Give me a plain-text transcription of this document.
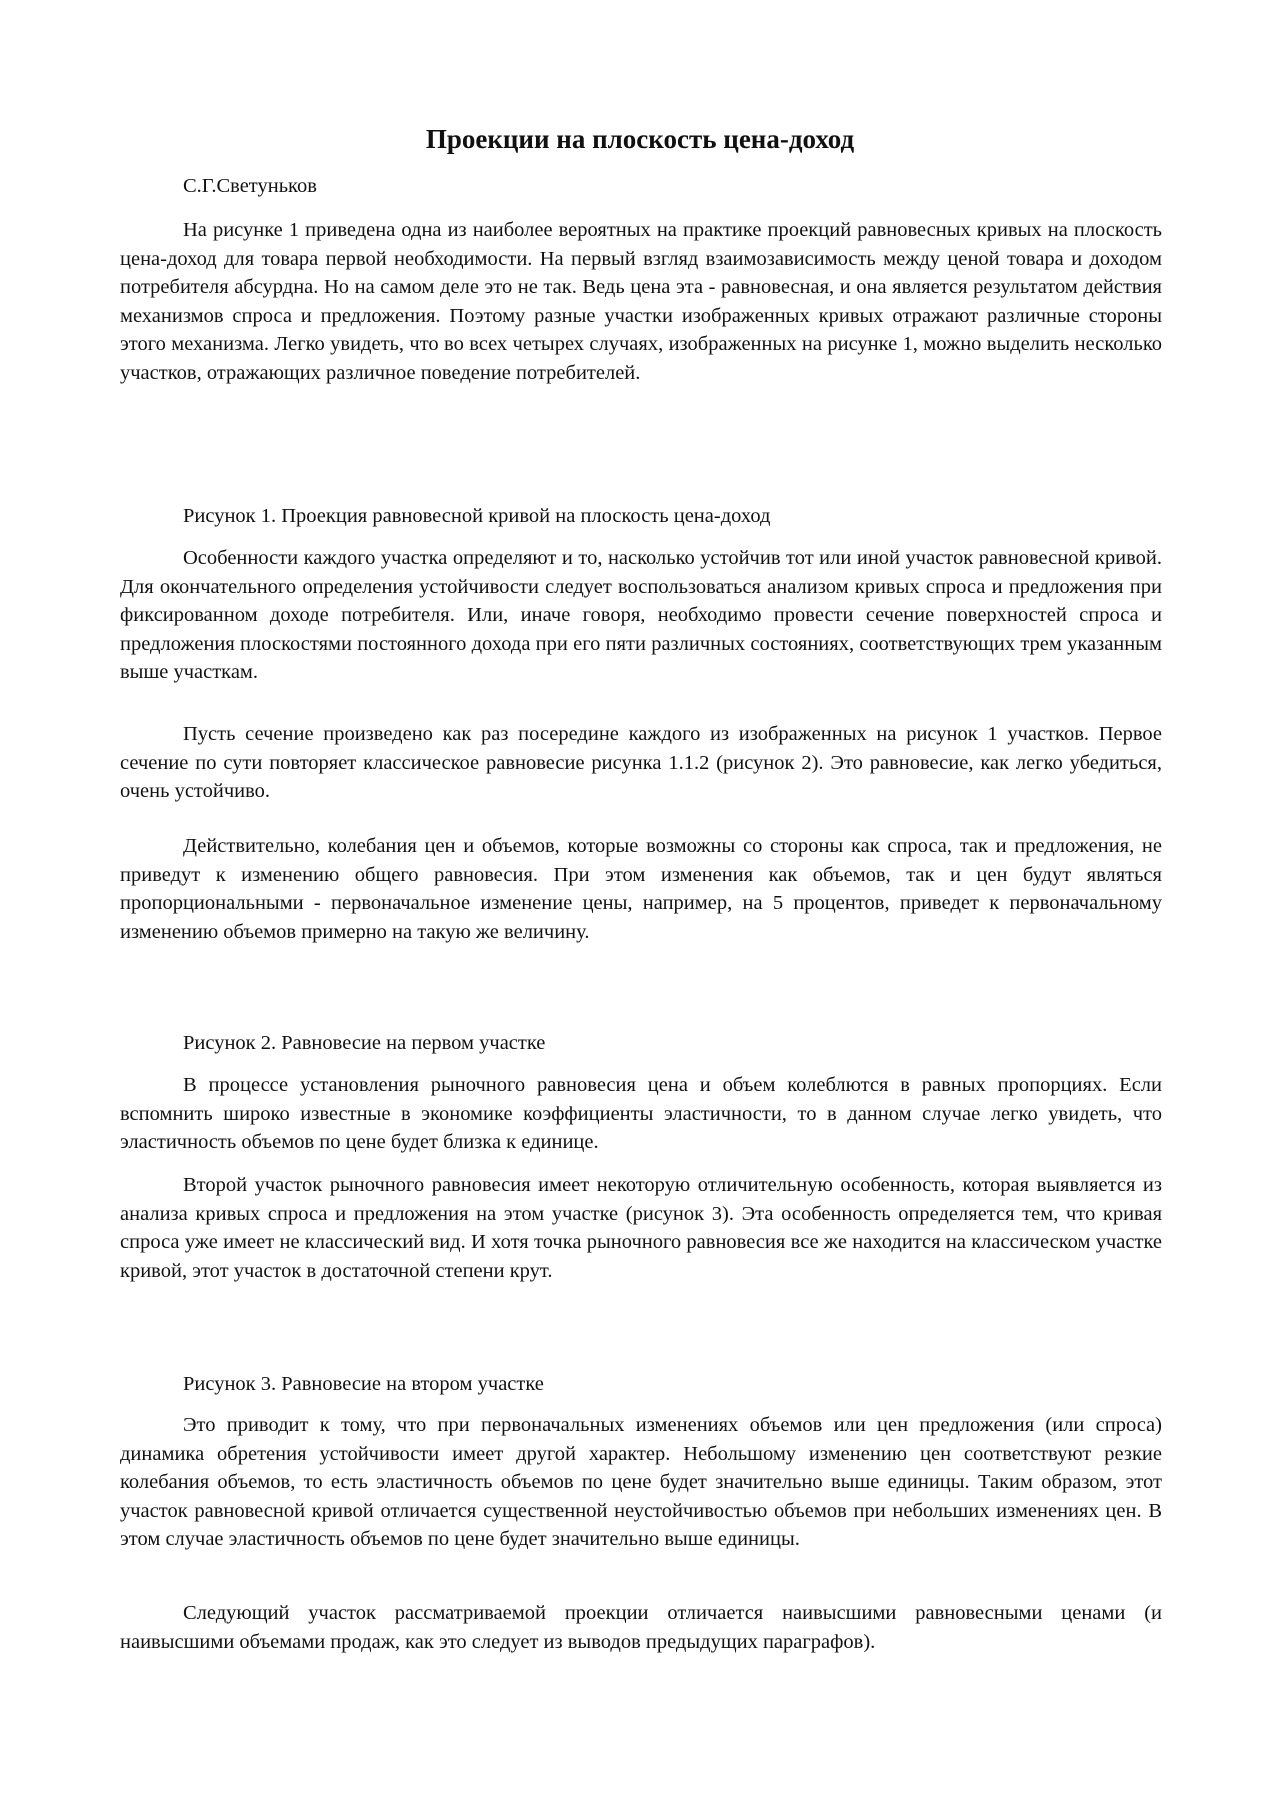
Проекции на плоскость цена-доход

С.Г.Светуньков

На рисунке 1 приведена одна из наиболее вероятных на практике проекций равновесных кривых на плоскость цена-доход для товара первой необходимости. На первый взгляд взаимозависимость между ценой товара и доходом потребителя абсурдна. Но на самом деле это не так. Ведь цена эта - равновесная, и она является результатом действия механизмов спроса и предложения. Поэтому разные участки изображенных кривых отражают различные стороны этого механизма. Легко увидеть, что во всех четырех случаях, изображенных на рисунке 1, можно выделить несколько участков, отражающих различное поведение потребителей.

Рисунок 1. Проекция равновесной кривой на плоскость цена-доход

Особенности каждого участка определяют и то, насколько устойчив тот или иной участок равновесной кривой. Для окончательного определения устойчивости следует воспользоваться анализом кривых спроса и предложения при фиксированном доходе потребителя. Или, иначе говоря, необходимо провести сечение поверхностей спроса и предложения плоскостями постоянного дохода при его пяти различных состояниях, соответствующих трем указанным выше участкам.

Пусть сечение произведено как раз посередине каждого из изображенных на рисунок 1 участков. Первое сечение по сути повторяет классическое равновесие рисунка 1.1.2 (рисунок 2). Это равновесие, как легко убедиться, очень устойчиво.

Действительно, колебания цен и объемов, которые возможны со стороны как спроса, так и предложения, не приведут к изменению общего равновесия. При этом изменения как объемов, так и цен будут являться пропорциональными - первоначальное изменение цены, например, на 5 процентов, приведет к первоначальному изменению объемов примерно на такую же величину.

Рисунок 2. Равновесие на первом участке

В процессе установления рыночного равновесия цена и объем колеблются в равных пропорциях. Если вспомнить широко известные в экономике коэффициенты эластичности, то в данном случае легко увидеть, что эластичность объемов по цене будет близка к единице.

Второй участок рыночного равновесия имеет некоторую отличительную особенность, которая выявляется из анализа кривых спроса и предложения на этом участке (рисунок 3). Эта особенность определяется тем, что кривая спроса уже имеет не классический вид. И хотя точка рыночного равновесия все же находится на классическом участке кривой, этот участок в достаточной степени крут.

Рисунок 3. Равновесие на втором участке

Это приводит к тому, что при первоначальных изменениях объемов или цен предложения (или спроса) динамика обретения устойчивости имеет другой характер. Небольшому изменению цен соответствуют резкие колебания объемов, то есть эластичность объемов по цене будет значительно выше единицы. Таким образом, этот участок равновесной кривой отличается существенной неустойчивостью объемов при небольших изменениях цен. В этом случае эластичность объемов по цене будет значительно выше единицы.

Следующий участок рассматриваемой проекции отличается наивысшими равновесными ценами (и наивысшими объемами продаж, как это следует из выводов предыдущих параграфов).
